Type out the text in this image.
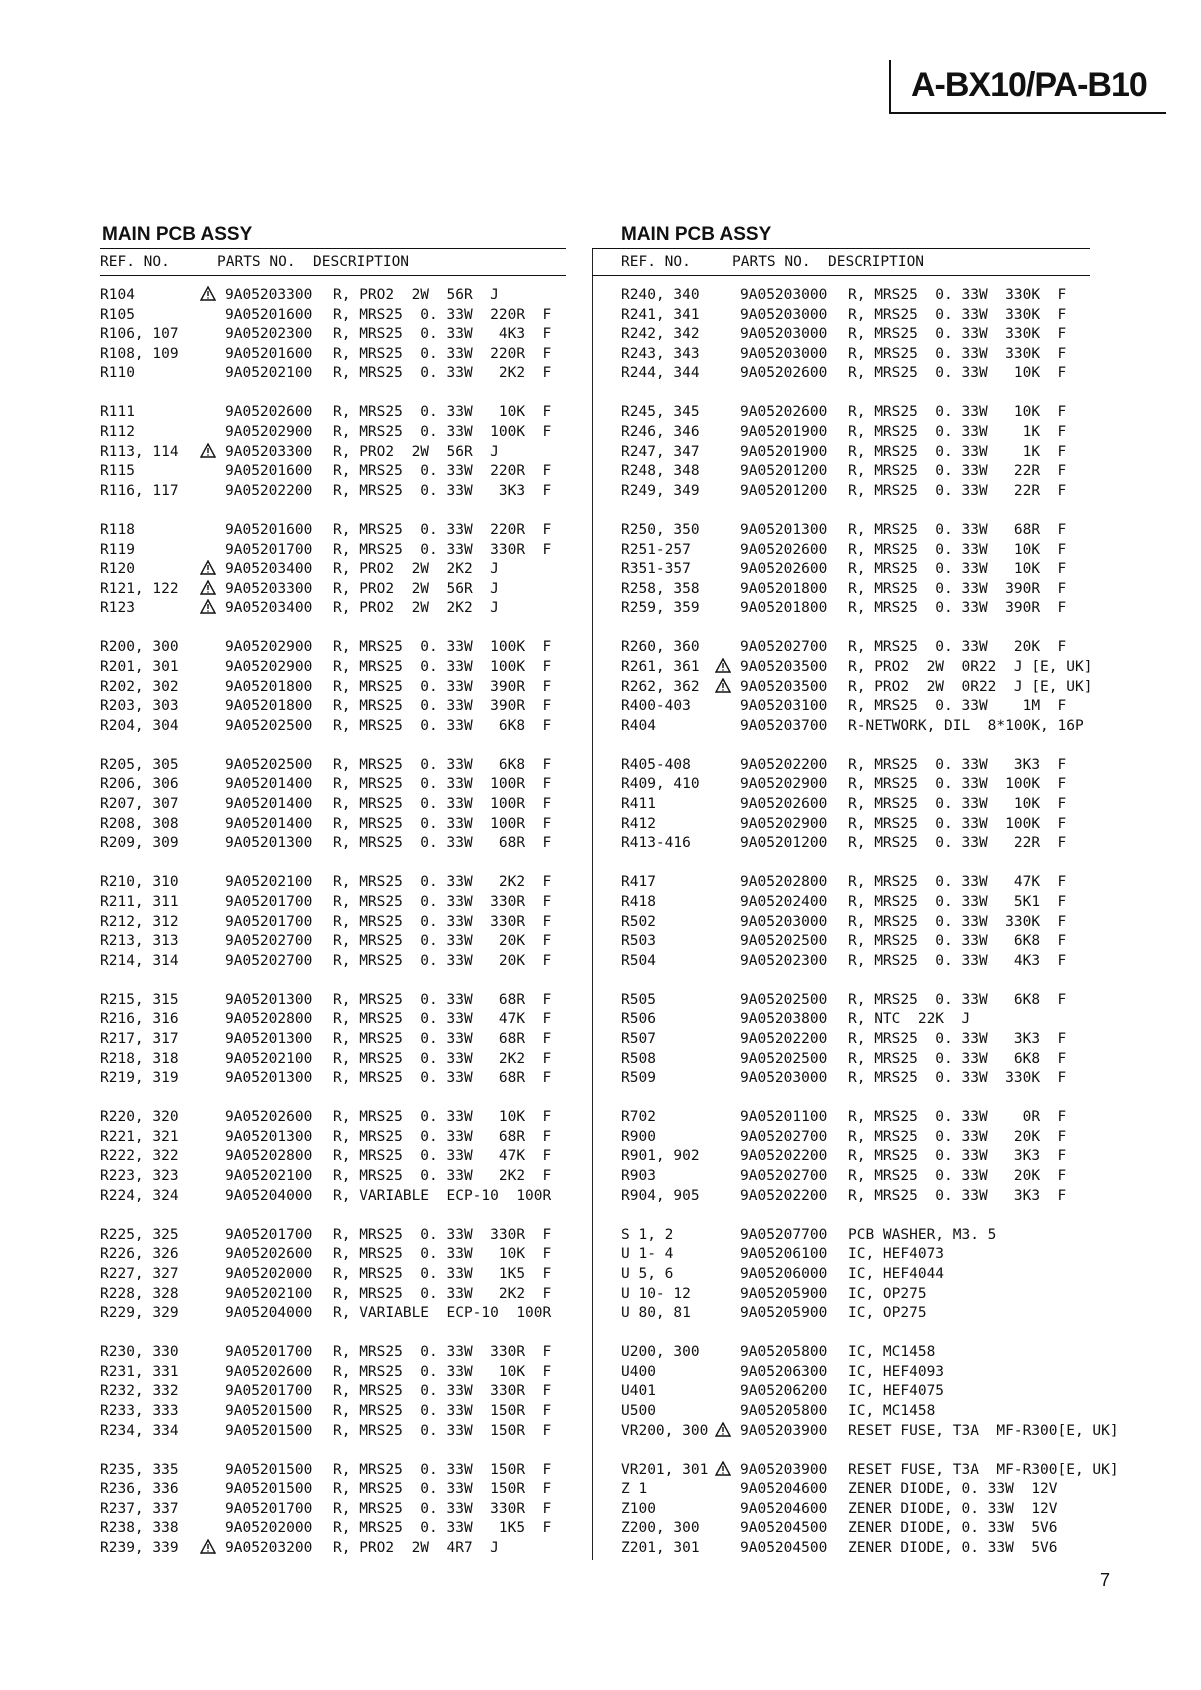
A-BX10/PA-B10
MAIN PCB ASSY
REF. NO.	PARTS NO. DESCRIPTION
R104	9A05203300 R, PRO2  2W  56R  J
R105	9A05201600 R, MRS25  0. 33W  220R  F
R106, 107	9A05202300 R, MRS25  0. 33W   4K3  F
R108, 109	9A05201600 R, MRS25  0. 33W  220R  F
R110	9A05202100 R, MRS25  0. 33W   2K2  F
R111	9A05202600 R, MRS25  0. 33W   10K  F
R112	9A05202900 R, MRS25  0. 33W  100K  F
R113, 114	9A05203300 R, PRO2  2W  56R  J
R115	9A05201600 R, MRS25  0. 33W  220R  F
R116, 117	9A05202200 R, MRS25  0. 33W   3K3  F
R118	9A05201600 R, MRS25  0. 33W  220R  F
R119	9A05201700 R, MRS25  0. 33W  330R  F
R120	9A05203400 R, PRO2  2W  2K2  J
R121, 122	9A05203300 R, PRO2  2W  56R  J
R123	9A05203400 R, PRO2  2W  2K2  J
R200, 300	9A05202900 R, MRS25  0. 33W  100K  F
R201, 301	9A05202900 R, MRS25  0. 33W  100K  F
R202, 302	9A05201800 R, MRS25  0. 33W  390R  F
R203, 303	9A05201800 R, MRS25  0. 33W  390R  F
R204, 304	9A05202500 R, MRS25  0. 33W   6K8  F
R205, 305	9A05202500 R, MRS25  0. 33W   6K8  F
R206, 306	9A05201400 R, MRS25  0. 33W  100R  F
R207, 307	9A05201400 R, MRS25  0. 33W  100R  F
R208, 308	9A05201400 R, MRS25  0. 33W  100R  F
R209, 309	9A05201300 R, MRS25  0. 33W   68R  F
R210, 310	9A05202100 R, MRS25  0. 33W   2K2  F
R211, 311	9A05201700 R, MRS25  0. 33W  330R  F
R212, 312	9A05201700 R, MRS25  0. 33W  330R  F
R213, 313	9A05202700 R, MRS25  0. 33W   20K  F
R214, 314	9A05202700 R, MRS25  0. 33W   20K  F
R215, 315	9A05201300 R, MRS25  0. 33W   68R  F
R216, 316	9A05202800 R, MRS25  0. 33W   47K  F
R217, 317	9A05201300 R, MRS25  0. 33W   68R  F
R218, 318	9A05202100 R, MRS25  0. 33W   2K2  F
R219, 319	9A05201300 R, MRS25  0. 33W   68R  F
R220, 320	9A05202600 R, MRS25  0. 33W   10K  F
R221, 321	9A05201300 R, MRS25  0. 33W   68R  F
R222, 322	9A05202800 R, MRS25  0. 33W   47K  F
R223, 323	9A05202100 R, MRS25  0. 33W   2K2  F
R224, 324	9A05204000 R, VARIABLE  ECP-10  100R
R225, 325	9A05201700 R, MRS25  0. 33W  330R  F
R226, 326	9A05202600 R, MRS25  0. 33W   10K  F
R227, 327	9A05202000 R, MRS25  0. 33W   1K5  F
R228, 328	9A05202100 R, MRS25  0. 33W   2K2  F
R229, 329	9A05204000 R, VARIABLE  ECP-10  100R
R230, 330	9A05201700 R, MRS25  0. 33W  330R  F
R231, 331	9A05202600 R, MRS25  0. 33W   10K  F
R232, 332	9A05201700 R, MRS25  0. 33W  330R  F
R233, 333	9A05201500 R, MRS25  0. 33W  150R  F
R234, 334	9A05201500 R, MRS25  0. 33W  150R  F
R235, 335	9A05201500 R, MRS25  0. 33W  150R  F
R236, 336	9A05201500 R, MRS25  0. 33W  150R  F
R237, 337	9A05201700 R, MRS25  0. 33W  330R  F
R238, 338	9A05202000 R, MRS25  0. 33W   1K5  F
R239, 339	9A05203200 R, PRO2  2W  4R7  J
MAIN PCB ASSY
REF. NO.	PARTS NO. DESCRIPTION
R240, 340	9A05203000 R, MRS25  0. 33W  330K  F
R241, 341	9A05203000 R, MRS25  0. 33W  330K  F
R242, 342	9A05203000 R, MRS25  0. 33W  330K  F
R243, 343	9A05203000 R, MRS25  0. 33W  330K  F
R244, 344	9A05202600 R, MRS25  0. 33W   10K  F
R245, 345	9A05202600 R, MRS25  0. 33W   10K  F
R246, 346	9A05201900 R, MRS25  0. 33W    1K  F
R247, 347	9A05201900 R, MRS25  0. 33W    1K  F
R248, 348	9A05201200 R, MRS25  0. 33W   22R  F
R249, 349	9A05201200 R, MRS25  0. 33W   22R  F
R250, 350	9A05201300 R, MRS25  0. 33W   68R  F
R251-257	9A05202600 R, MRS25  0. 33W   10K  F
R351-357	9A05202600 R, MRS25  0. 33W   10K  F
R258, 358	9A05201800 R, MRS25  0. 33W  390R  F
R259, 359	9A05201800 R, MRS25  0. 33W  390R  F
R260, 360	9A05202700 R, MRS25  0. 33W   20K  F
R261, 361	9A05203500 R, PRO2  2W  0R22  J [E, UK]
R262, 362	9A05203500 R, PRO2  2W  0R22  J [E, UK]
R400-403	9A05203100 R, MRS25  0. 33W    1M  F
R404	9A05203700 R-NETWORK, DIL  8*100K, 16P
R405-408	9A05202200 R, MRS25  0. 33W   3K3  F
R409, 410	9A05202900 R, MRS25  0. 33W  100K  F
R411	9A05202600 R, MRS25  0. 33W   10K  F
R412	9A05202900 R, MRS25  0. 33W  100K  F
R413-416	9A05201200 R, MRS25  0. 33W   22R  F
R417	9A05202800 R, MRS25  0. 33W   47K  F
R418	9A05202400 R, MRS25  0. 33W   5K1  F
R502	9A05203000 R, MRS25  0. 33W  330K  F
R503	9A05202500 R, MRS25  0. 33W   6K8  F
R504	9A05202300 R, MRS25  0. 33W   4K3  F
R505	9A05202500 R, MRS25  0. 33W   6K8  F
R506	9A05203800 R, NTC  22K  J
R507	9A05202200 R, MRS25  0. 33W   3K3  F
R508	9A05202500 R, MRS25  0. 33W   6K8  F
R509	9A05203000 R, MRS25  0. 33W  330K  F
R702	9A05201100 R, MRS25  0. 33W    0R  F
R900	9A05202700 R, MRS25  0. 33W   20K  F
R901, 902	9A05202200 R, MRS25  0. 33W   3K3  F
R903	9A05202700 R, MRS25  0. 33W   20K  F
R904, 905	9A05202200 R, MRS25  0. 33W   3K3  F
S 1, 2	9A05207700 PCB WASHER, M3. 5
U 1- 4	9A05206100 IC, HEF4073
U 5, 6	9A05206000 IC, HEF4044
U 10- 12	9A05205900 IC, OP275
U 80, 81	9A05205900 IC, OP275
U200, 300	9A05205800 IC, MC1458
U400	9A05206300 IC, HEF4093
U401	9A05206200 IC, HEF4075
U500	9A05205800 IC, MC1458
VR200, 300 9A05203900 RESET FUSE, T3A  MF-R300[E, UK]
VR201, 301 9A05203900 RESET FUSE, T3A  MF-R300[E, UK]
Z 1	9A05204600 ZENER DIODE, 0. 33W  12V
Z100	9A05204600 ZENER DIODE, 0. 33W  12V
Z200, 300	9A05204500 ZENER DIODE, 0. 33W  5V6
Z201, 301	9A05204500 ZENER DIODE, 0. 33W  5V6
7
